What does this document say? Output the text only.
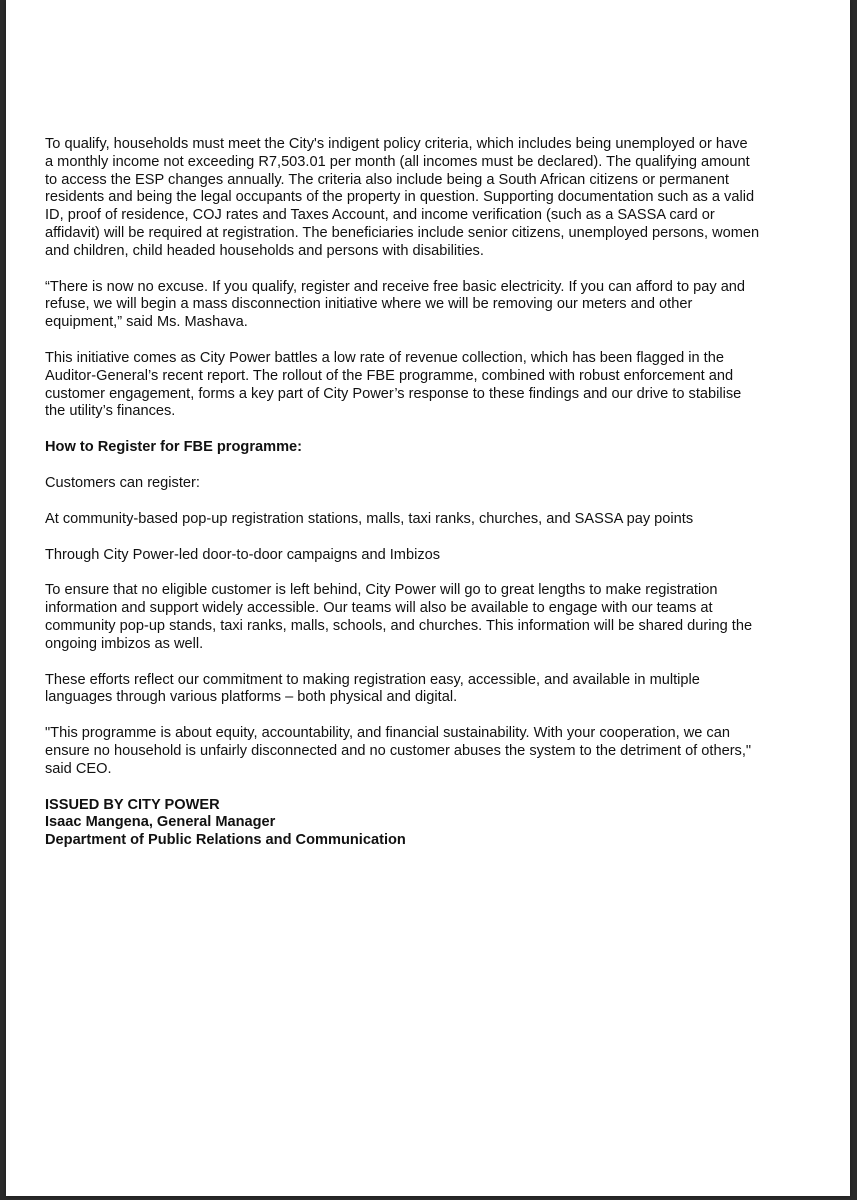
To qualify, households must meet the City's indigent policy criteria, which includes being unemployed or have
a monthly income not exceeding R7,503.01 per month (all incomes must be declared). The qualifying amount
to access the ESP changes annually. The criteria also include being a South African citizens or permanent
residents and being the legal occupants of the property in question. Supporting documentation such as a valid
ID, proof of residence, COJ rates and Taxes Account, and income verification (such as a SASSA card or
affidavit) will be required at registration. The beneficiaries include senior citizens, unemployed persons, women
and children, child headed households and persons with disabilities.

“There is now no excuse. If you qualify, register and receive free basic electricity. If you can afford to pay and
refuse, we will begin a mass disconnection initiative where we will be removing our meters and other
equipment,” said Ms. Mashava.

This initiative comes as City Power battles a low rate of revenue collection, which has been flagged in the
Auditor-General’s recent report. The rollout of the FBE programme, combined with robust enforcement and
customer engagement, forms a key part of City Power’s response to these findings and our drive to stabilise
the utility’s finances.

How to Register for FBE programme:

Customers can register:

At community-based pop-up registration stations, malls, taxi ranks, churches, and SASSA pay points

Through City Power-led door-to-door campaigns and Imbizos

To ensure that no eligible customer is left behind, City Power will go to great lengths to make registration
information and support widely accessible. Our teams will also be available to engage with our teams at
community pop-up stands, taxi ranks, malls, schools, and churches. This information will be shared during the
ongoing imbizos as well.

These efforts reflect our commitment to making registration easy, accessible, and available in multiple
languages through various platforms – both physical and digital.

"This programme is about equity, accountability, and financial sustainability. With your cooperation, we can
ensure no household is unfairly disconnected and no customer abuses the system to the detriment of others,"
said CEO.

ISSUED BY CITY POWER

Isaac Mangena, General Manager

Department of Public Relations and Communication
